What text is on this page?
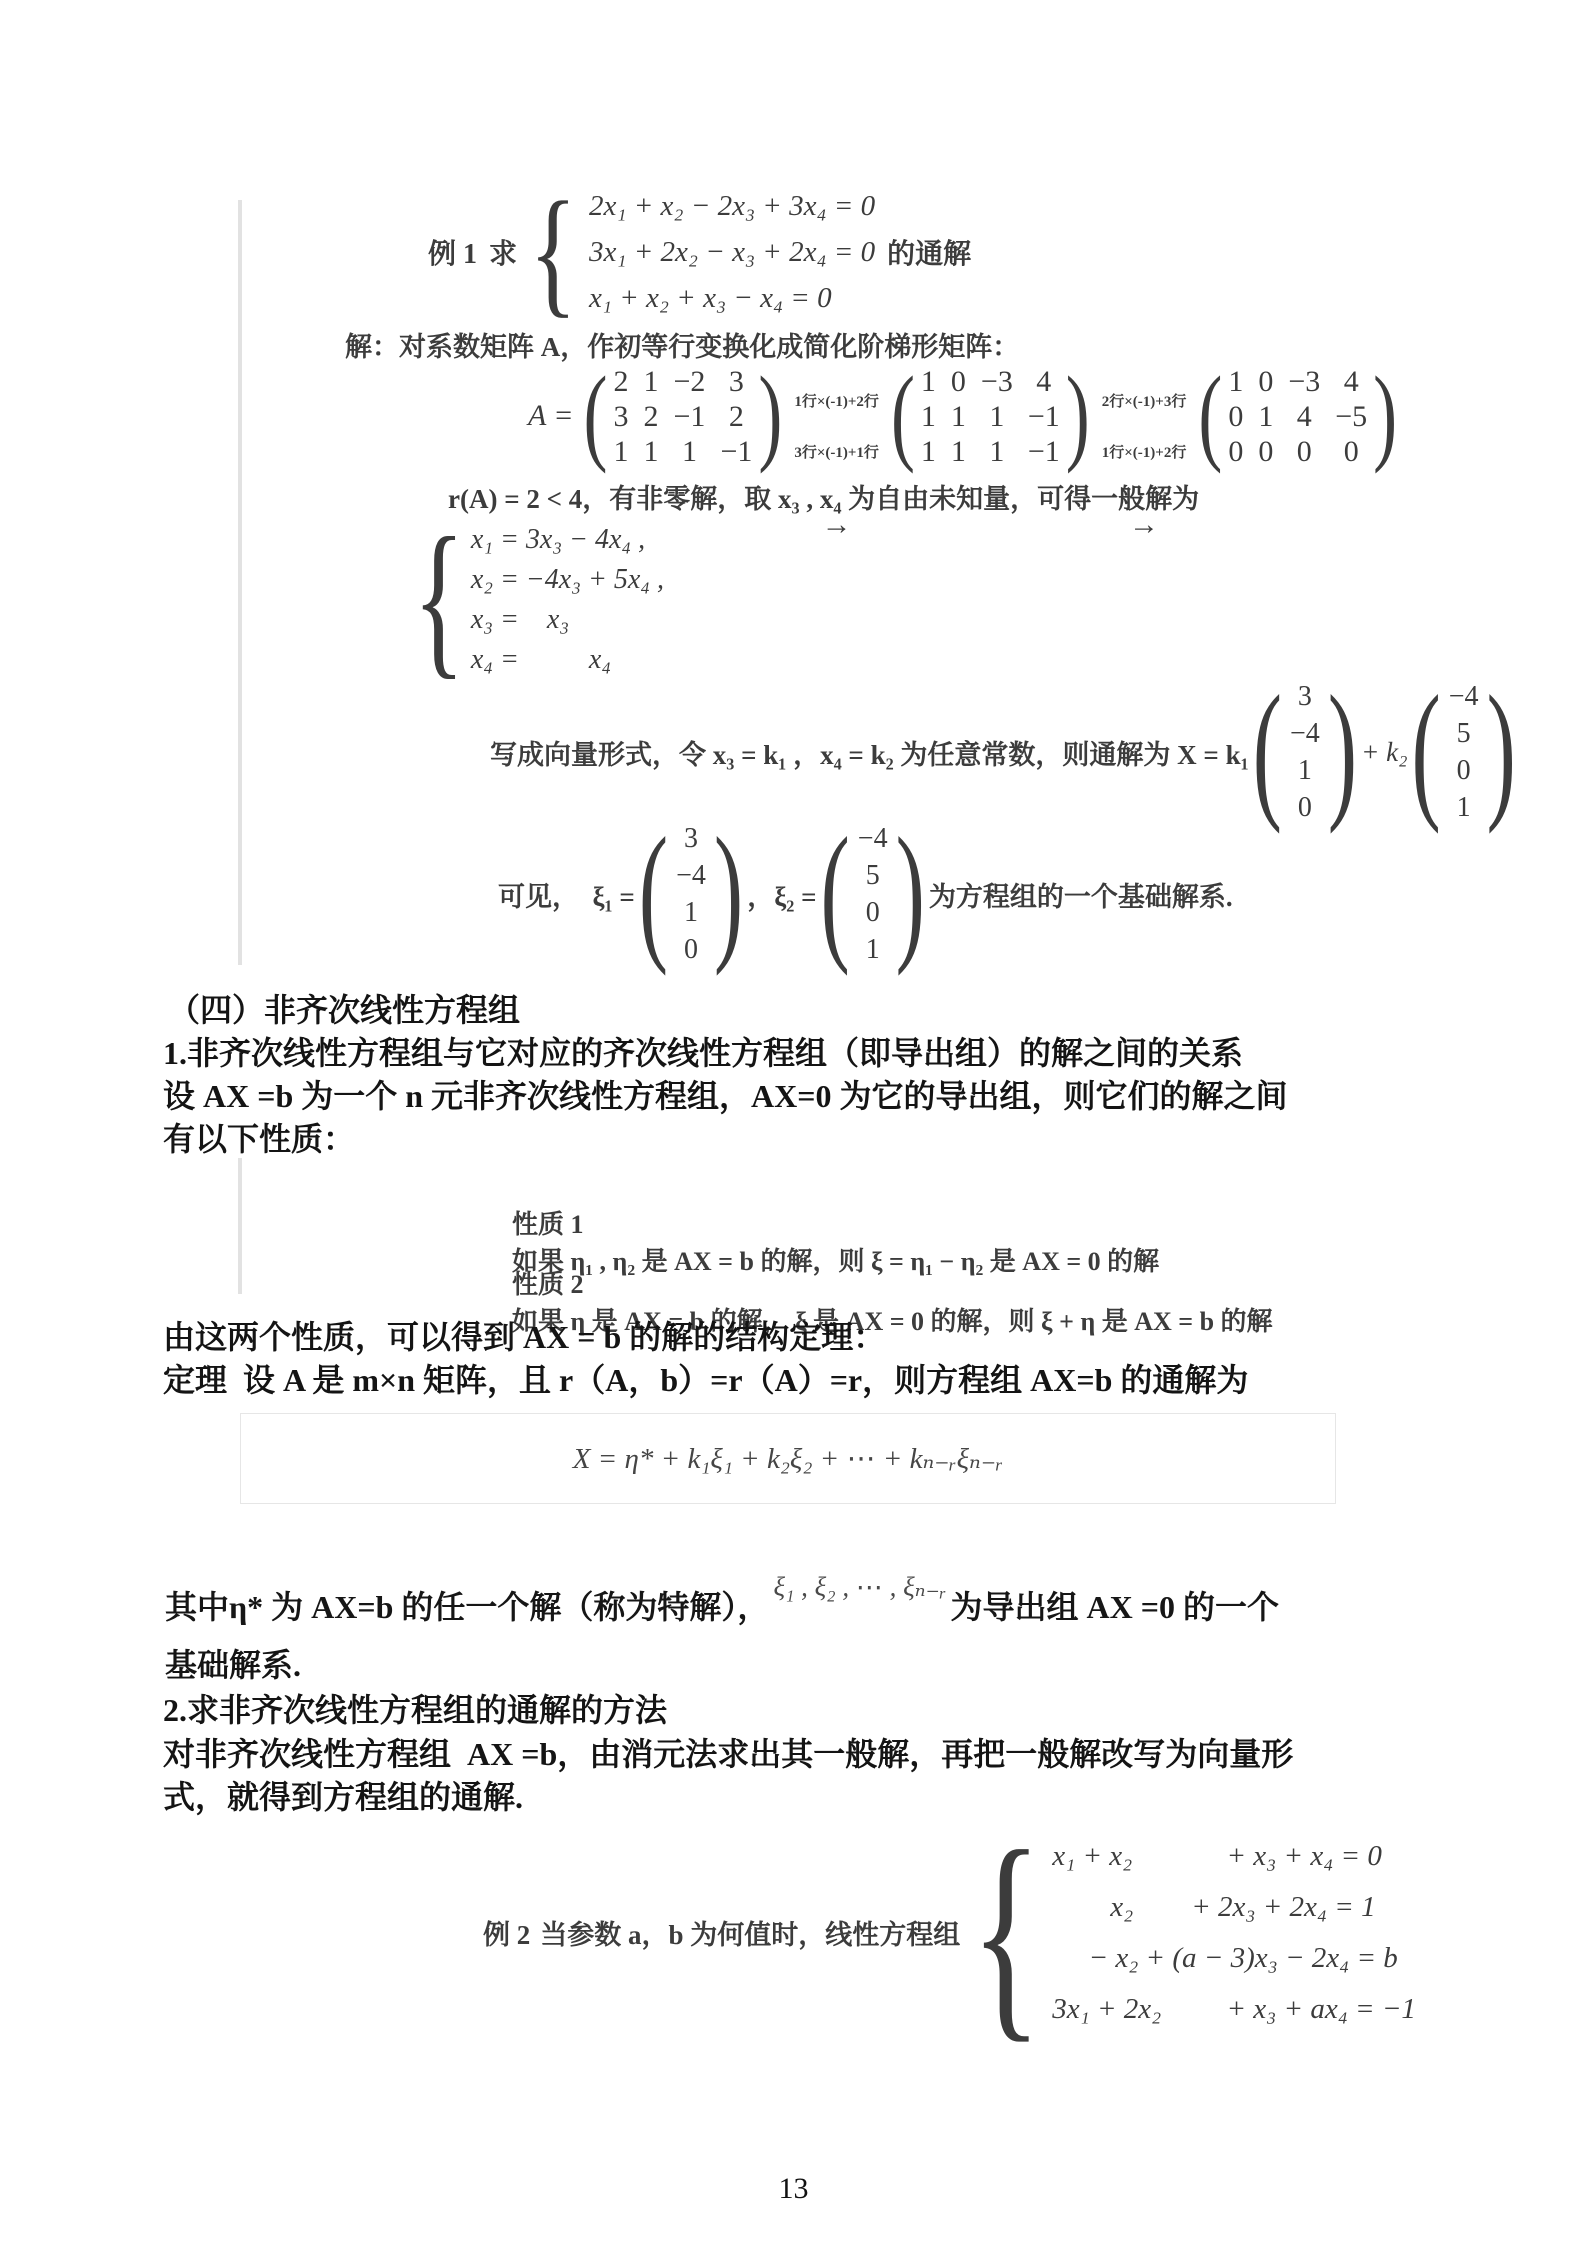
例 1 求 { 2x₁ + x₂ − 2x₃ + 3x₄ = 0
3x₁ + 2x₂ − x₃ + 2x₄ = 0
x₁ + x₂ + x₃ − x₄ = 0
的通解
解：对系数矩阵 A，作初等行变换化成简化阶梯形矩阵：
A = ( 2 1 −2 3
3 2 −1 2
1 1 1 −1 )

1行×(-1)+2行

3行×(-1)+1行

→
( 1 0 −3 4
1 1 1 −1
1 1 1 −1 )

2行×(-1)+3行

1行×(-1)+2行

→
( 1 0 −3 4
0 1 4 −5
0 0 0 0 )
r(A) = 2 < 4，有非零解，取 x₃ , x₄ 为自由未知量，可得一般解为
{ x₁ = 3x₃ − 4x₄ ,
x₂ = −4x₃ + 5x₄ ,
x₃ =    x₃
x₄ =          x₄
写成向量形式，令 x₃ = k₁ ，x₄ = k₂ 为任意常数，则通解为 X = k₁ ( 3
−4
1
0 ) + k₂ ( −4
5
0
1 )
可见，  ξ₁ = ( 3
−4
1
0 ) ，ξ₂ = ( −4
5
0
1 ) 为方程组的一个基础解系.
（四）非齐次线性方程组
1.非齐次线性方程组与它对应的齐次线性方程组（即导出组）的解之间的关系
设 AX =b 为一个 n 元非齐次线性方程组，AX=0 为它的导出组，则它们的解之间
有以下性质：

性质 1
如果 η₁ , η₂ 是 AX = b 的解，则 ξ = η₁ − η₂ 是 AX = 0 的解

性质 2
如果 η 是 AX = b 的解， ξ 是 AX = 0 的解，则 ξ + η 是 AX = b 的解

由这两个性质，可以得到 AX = b 的解的结构定理：
定理  设 A 是 m×n 矩阵，且 r（A，b）=r（A）=r，则方程组 AX=b 的通解为
X = η* + k₁ξ₁ + k₂ξ₂ + ⋯ + kₙ₋ᵣξₙ₋ᵣ
其中η* 为 AX=b 的任一个解（称为特解）， ξ₁ , ξ₂ , ⋯ , ξₙ₋ᵣ 为导出组 AX =0 的一个
基础解系.
2.求非齐次线性方程组的通解的方法
对非齐次线性方程组  AX =b，由消元法求出其一般解，再把一般解改写为向量形
式，就得到方程组的通解.
例 2 当参数 a，b 为何值时，线性方程组 { x₁ + x₂             + x₃ + x₄ = 0
x₂        + 2x₃ + 2x₄ = 1
− x₂ + (a − 3)x₃ − 2x₄ = b
3x₁ + 2x₂         + x₃ + ax₄ = −1
13
